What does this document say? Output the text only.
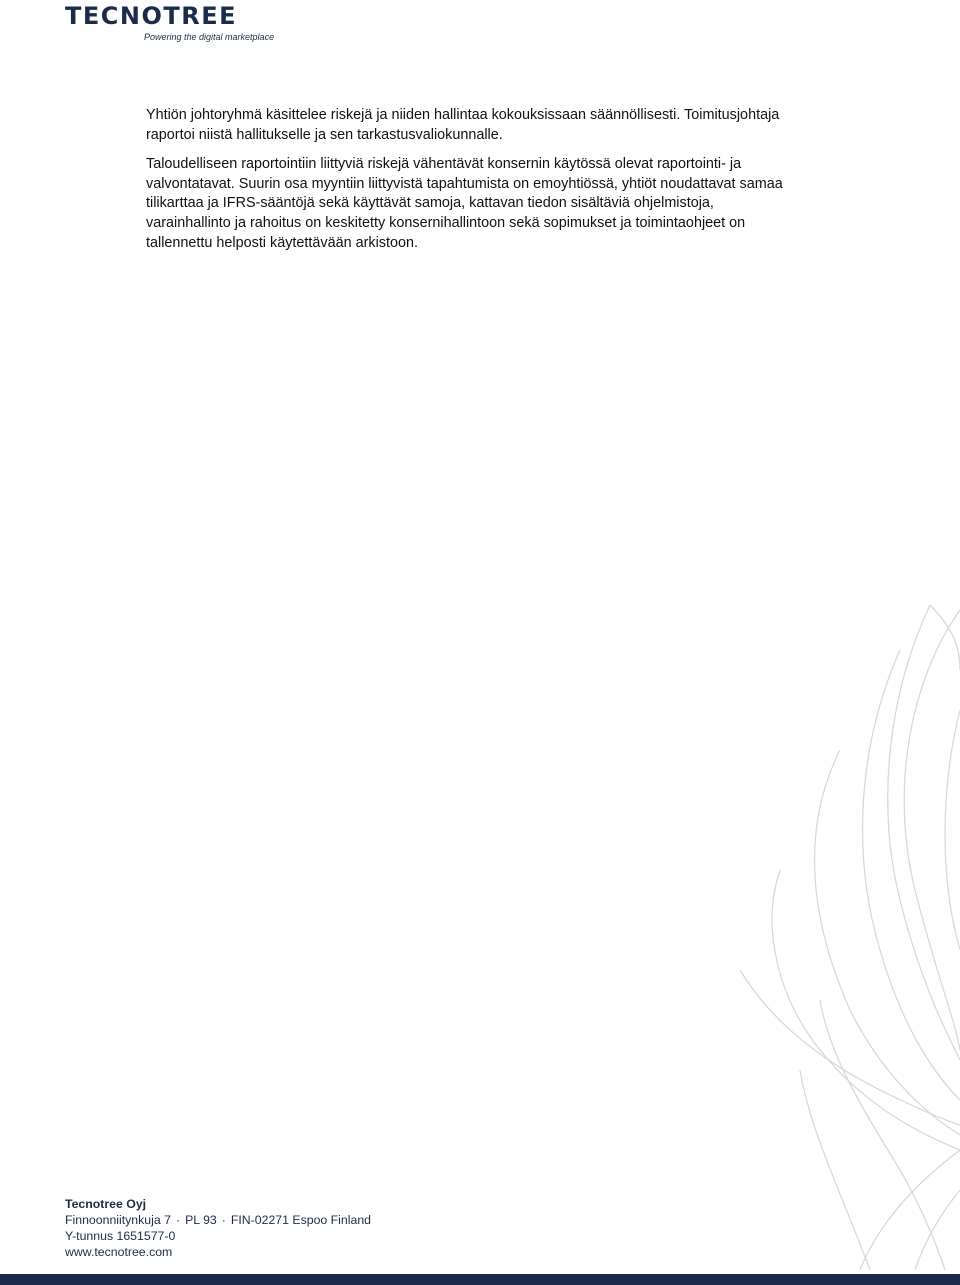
TECNOTREE
Powering the digital marketplace

Yhtiön johtoryhmä käsittelee riskejä ja niiden hallintaa kokouksissaan säännöllisesti. Toimitusjohtaja raportoi niistä hallitukselle ja sen tarkastusvaliokunnalle.

Taloudelliseen raportointiin liittyviä riskejä vähentävät konsernin käytössä olevat raportointi- ja valvontatavat. Suurin osa myyntiin liittyvistä tapahtumista on emoyhtiössä, yhtiöt noudattavat samaa tilikarttaa ja IFRS-sääntöjä sekä käyttävät samoja, kattavan tiedon sisältäviä ohjelmistoja, varainhallinto ja rahoitus on keskitetty konsernihallintoon sekä sopimukset ja toimintaohjeet on tallennettu helposti käytettävään arkistoon.

Tecnotree Oyj
Finnoonniitynkuja 7 · PL 93 · FIN-02271 Espoo Finland
Y-tunnus 1651577-0
www.tecnotree.com
